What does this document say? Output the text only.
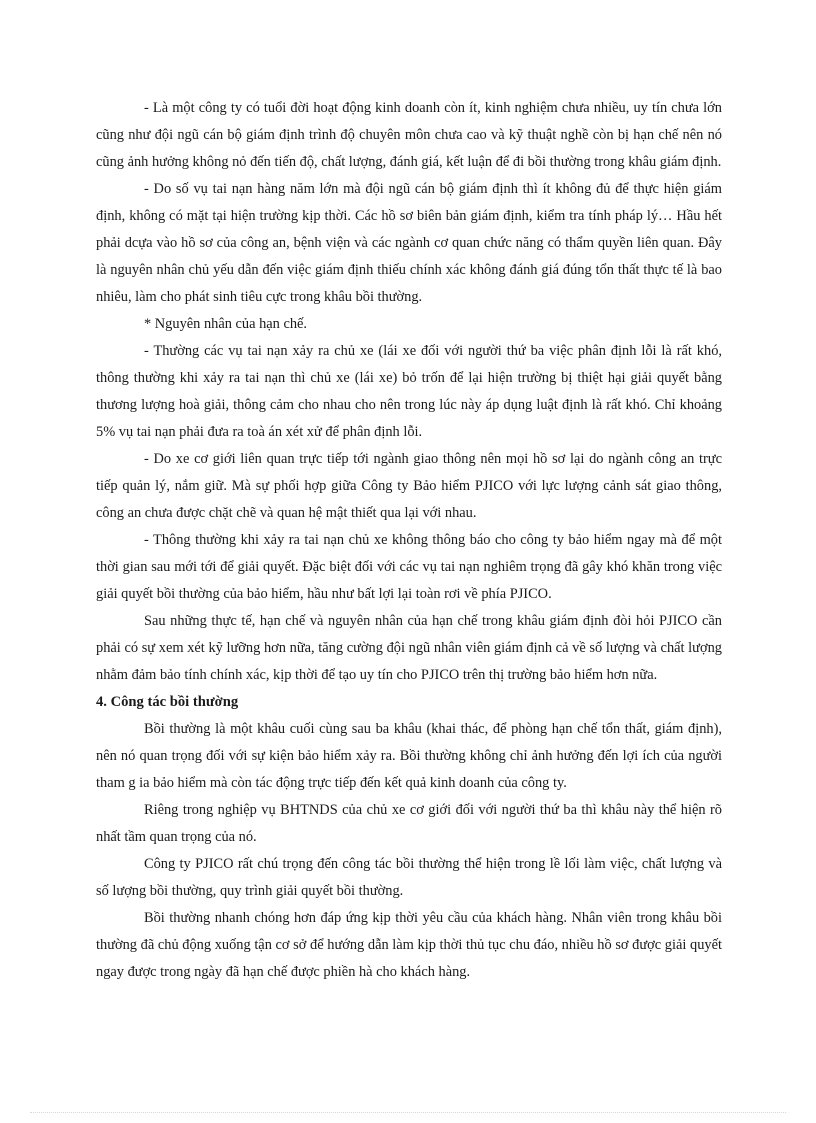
- Là một công ty có tuổi đời hoạt động kinh doanh còn ít, kinh nghiệm chưa nhiều, uy tín chưa lớn cũng như đội ngũ cán bộ giám định trình độ chuyên môn chưa cao và kỹ thuật nghề còn bị hạn chế nên nó cũng ảnh hưởng không nỏ đến tiến độ, chất lượng, đánh giá, kết luận để đi bồi thường trong khâu giám định.

- Do số vụ tai nạn hàng năm lớn mà đội ngũ cán bộ giám định thì ít không đủ để thực hiện giám định, không có mặt tại hiện trường kịp thời. Các hồ sơ biên bản giám định, kiểm tra tính pháp lý… Hầu hết phải dcựa vào hồ sơ của công an, bệnh viện và các ngành cơ quan chức năng có thẩm quyền liên quan. Đây là nguyên nhân chủ yếu dẫn đến việc giám định thiếu chính xác không đánh giá đúng tổn thất thực tế là bao nhiêu, làm cho phát sinh tiêu cực trong khâu bồi thường.

* Nguyên nhân của hạn chế.

- Thường các vụ tai nạn xảy ra chủ xe (lái xe đối với người thứ ba việc phân định lỗi là rất khó, thông thường khi xảy ra tai nạn thì chủ xe (lái xe) bỏ trốn để lại hiện trường bị thiệt hại giải quyết bằng thương lượng hoà giải, thông cảm cho nhau cho nên trong lúc này áp dụng luật định là rất khó. Chỉ khoảng 5% vụ tai nạn phải đưa ra toà án xét xử để phân định lỗi.

- Do xe cơ giới liên quan trực tiếp tới ngành giao thông nên mọi hồ sơ lại do ngành công an trực tiếp quản lý, nắm giữ. Mà sự phối hợp giữa Công ty Bảo hiểm PJICO với lực lượng cảnh sát giao thông, công an chưa được chặt chẽ và quan hệ mật thiết qua lại với nhau.

- Thông thường khi xảy ra tai nạn chủ xe không thông báo cho công ty bảo hiểm ngay mà để một thời gian sau mới tới để giải quyết. Đặc biệt đối với các vụ tai nạn nghiêm trọng đã gây khó khăn trong việc giải quyết bồi thường của bảo hiểm, hầu như bất lợi lại toàn rơi về phía PJICO.

Sau những thực tế, hạn chế và nguyên nhân của hạn chế trong khâu giám định đòi hỏi PJICO cần phải có sự xem xét kỹ lưỡng hơn nữa, tăng cường đội ngũ nhân viên giám định cả về số lượng và chất lượng nhằm đảm bảo tính chính xác, kịp thời để tạo uy tín cho PJICO trên thị trường bảo hiểm hơn nữa.

4. Công tác bồi thường

Bồi thường là một khâu cuối cùng sau ba khâu (khai thác, để phòng hạn chế tổn thất, giám định), nên nó quan trọng đối với sự kiện bảo hiểm xảy ra. Bồi thường không chỉ ảnh hưởng đến lợi ích của người tham g ia bảo hiểm mà còn tác động trực tiếp đến kết quả kinh doanh của công ty.

Riêng trong nghiệp vụ BHTNDS của chủ xe cơ giới đối với người thứ ba thì khâu này thể hiện rõ nhất tầm quan trọng của nó.

Công ty PJICO rất chú trọng đến công tác bồi thường thể hiện trong lề lối làm việc, chất lượng và số lượng bồi thường, quy trình giải quyết bồi thường.

Bồi thường nhanh chóng hơn đáp ứng kịp thời yêu cầu của khách hàng. Nhân viên trong khâu bồi thường đã chủ động xuống tận cơ sở để hướng dẫn làm kịp thời thủ tục chu đáo, nhiều hồ sơ được giải quyết ngay được trong ngày đã hạn chế được phiền hà cho khách hàng.
